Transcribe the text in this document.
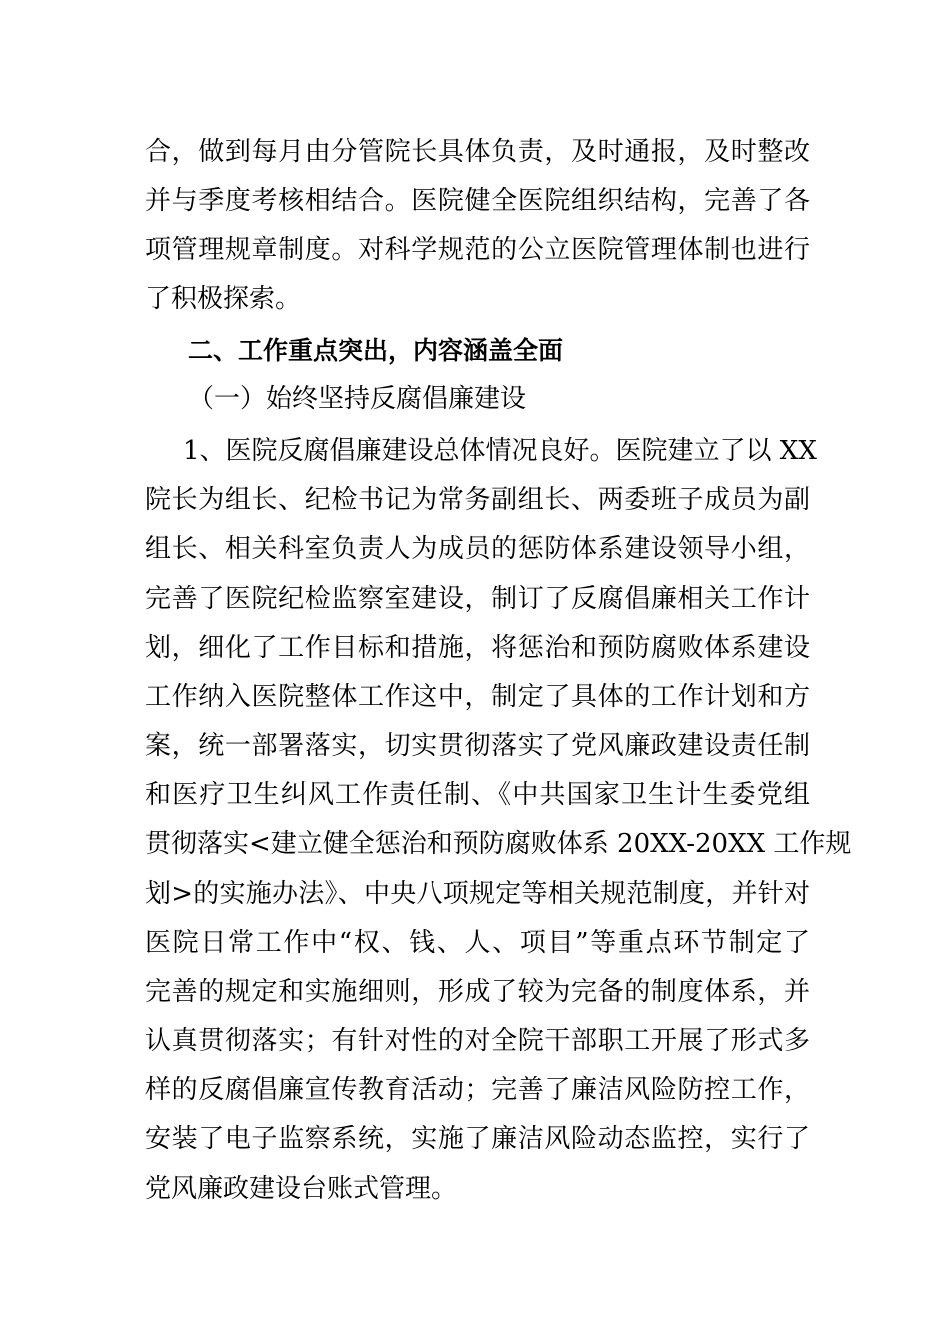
合，做到每月由分管院长具体负责，及时通报，及时整改
并与季度考核相结合。医院健全医院组织结构，完善了各
项管理规章制度。对科学规范的公立医院管理体制也进行
了积极探索。
二、工作重点突出，内容涵盖全面
（一）始终坚持反腐倡廉建设
1、医院反腐倡廉建设总体情况良好。医院建立了以 XX
院长为组长、纪检书记为常务副组长、两委班子成员为副
组长、相关科室负责人为成员的惩防体系建设领导小组，
完善了医院纪检监察室建设，制订了反腐倡廉相关工作计
划，细化了工作目标和措施，将惩治和预防腐败体系建设
工作纳入医院整体工作这中，制定了具体的工作计划和方
案，统一部署落实，切实贯彻落实了党风廉政建设责任制
和医疗卫生纠风工作责任制、《中共国家卫生计生委党组
贯彻落实<建立健全惩治和预防腐败体系 20XX-20XX 工作规
划>的实施办法》、中央八项规定等相关规范制度，并针对
医院日常工作中“权、钱、人、项目”等重点环节制定了
完善的规定和实施细则，形成了较为完备的制度体系，并
认真贯彻落实；有针对性的对全院干部职工开展了形式多
样的反腐倡廉宣传教育活动；完善了廉洁风险防控工作，
安装了电子监察系统，实施了廉洁风险动态监控，实行了
党风廉政建设台账式管理。
